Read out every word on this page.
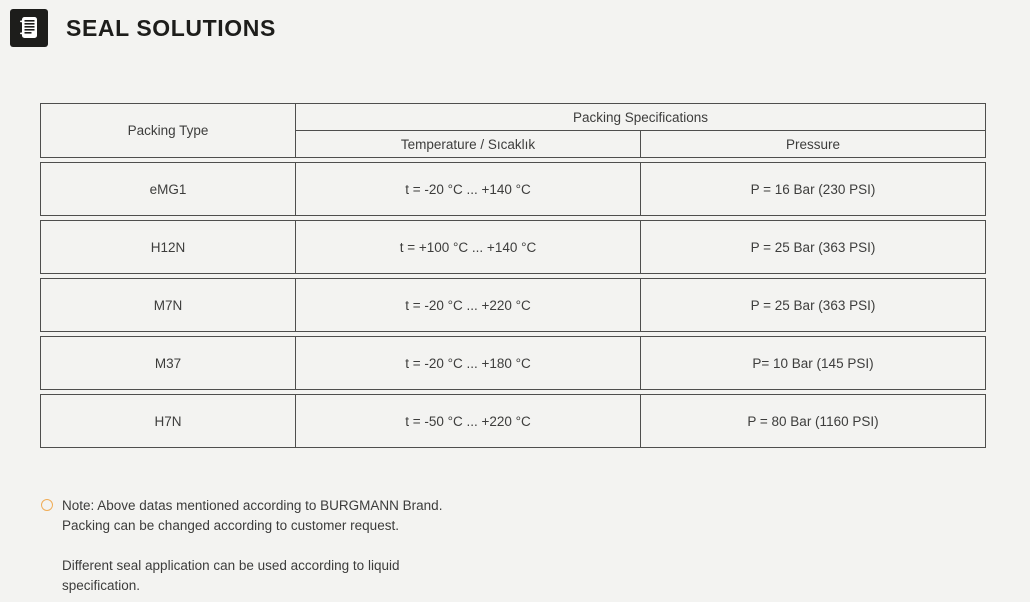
SEAL SOLUTIONS
Packing Type
Packing Specifications
Temperature / Sıcaklık	Pressure
eMG1	t = -20 °C ... +140 °C	P = 16 Bar (230 PSI)
H12N	t = +100 °C ... +140 °C	P = 25 Bar (363 PSI)
M7N	t = -20 °C ... +220 °C	P = 25 Bar (363 PSI)
M37	t = -20 °C ... +180 °C	P= 10 Bar (145 PSI)
H7N	t = -50 °C ... +220 °C	P = 80 Bar (1160 PSI)
Note: Above datas mentioned according to BURGMANN Brand.
Packing can be changed according to customer request.
Different seal application can be used according to liquid specification.
